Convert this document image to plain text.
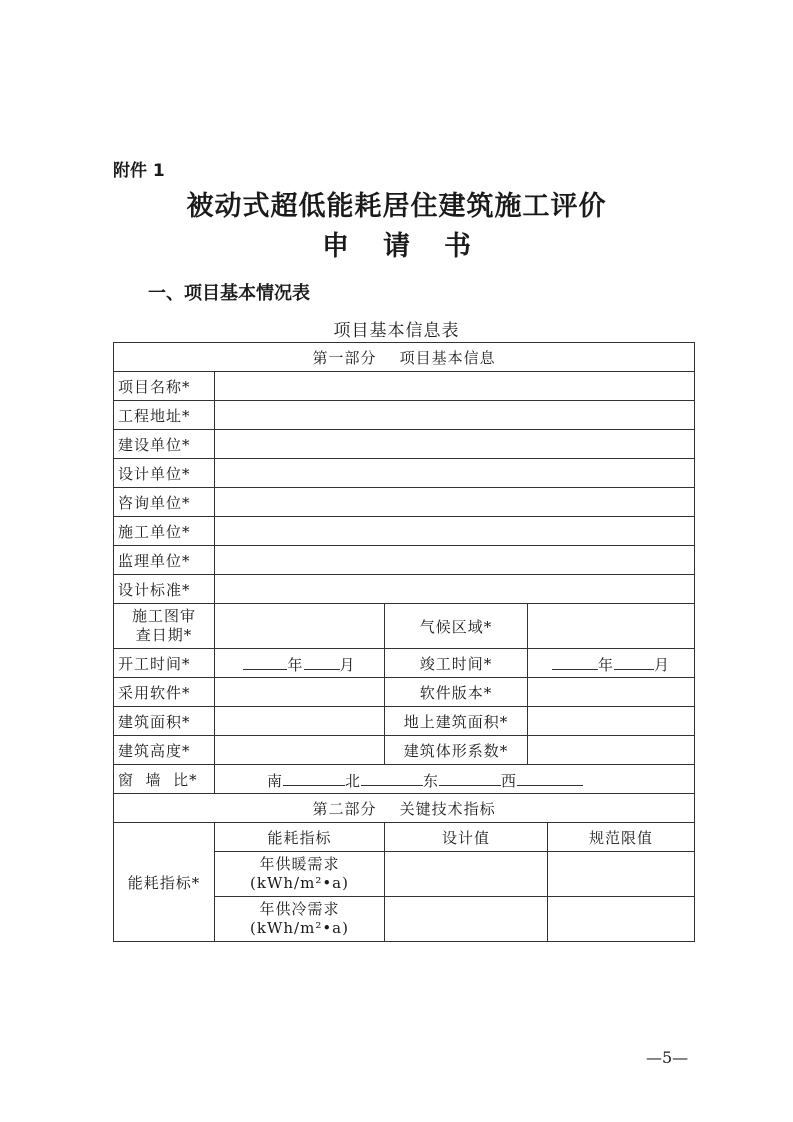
附件 1
被动式超低能耗居住建筑施工评价
申请书
一、项目基本情况表
项目基本信息表
第一部分    项目基本信息				
项目名称*				
工程地址*				
建设单位*				
设计单位*				
咨询单位*				
施工单位*				
监理单位*				
设计标准*				

施工图审
查日期*		气候区域*		
开工时间*	年 月	竣工时间*	年 月	
采用软件*		软件版本*		
建筑面积*		地上建筑面积*		
建筑高度*		建筑体形系数*		
窗  墙  比*	南 北 东 西			
第二部分    关键技术指标				
能耗指标*	能耗指标	设计值		规范限值

	年供暖需求
(kWh/m²•a)			

	年供冷需求
(kWh/m²•a)			

—5—
